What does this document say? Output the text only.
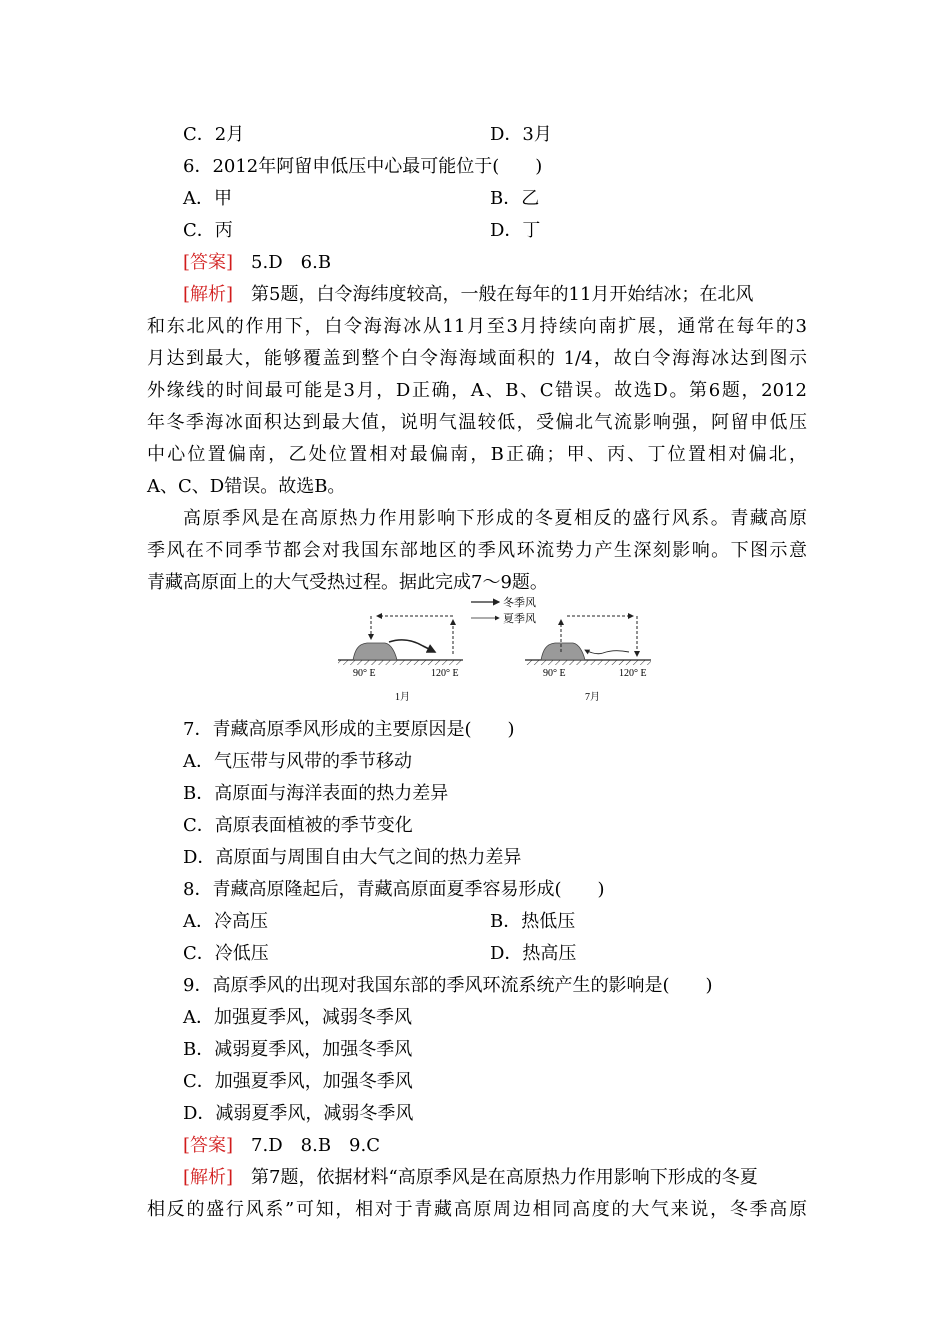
C．2月	D．3月
6．2012年阿留申低压中心最可能位于(　　)
A．甲	B．乙
C．丙	D．丁
[答案]　5.D　6.B
[解析]　第5题，白令海纬度较高，一般在每年的11月开始结冰；在北风
和东北风的作用下，白令海海冰从11月至3月持续向南扩展，通常在每年的3
月达到最大，能够覆盖到整个白令海海域面积的 1/4，故白令海海冰达到图示
外缘线的时间最可能是3月，D正确，A、B、C错误。故选D。第6题，2012
年冬季海冰面积达到最大值，说明气温较低，受偏北气流影响强，阿留申低压
中心位置偏南，乙处位置相对最偏南，B正确；甲、丙、丁位置相对偏北，
A、C、D错误。故选B。
高原季风是在高原热力作用影响下形成的冬夏相反的盛行风系。青藏高原
季风在不同季节都会对我国东部地区的季风环流势力产生深刻影响。下图示意
青藏高原面上的大气受热过程。据此完成7～9题。
冬季风
夏季风
90° E	120° E
1月
90° E	120° E
7月
7．青藏高原季风形成的主要原因是(　　)
A．气压带与风带的季节移动
B．高原面与海洋表面的热力差异
C．高原表面植被的季节变化
D．高原面与周围自由大气之间的热力差异
8．青藏高原隆起后，青藏高原面夏季容易形成(　　)
A．冷高压	B．热低压
C．冷低压	D．热高压
9．高原季风的出现对我国东部的季风环流系统产生的影响是(　　)
A．加强夏季风，减弱冬季风
B．减弱夏季风，加强冬季风
C．加强夏季风，加强冬季风
D．减弱夏季风，减弱冬季风
[答案]　7.D　8.B　9.C
[解析]　第7题，依据材料“高原季风是在高原热力作用影响下形成的冬夏
相反的盛行风系”可知，相对于青藏高原周边相同高度的大气来说，冬季高原
